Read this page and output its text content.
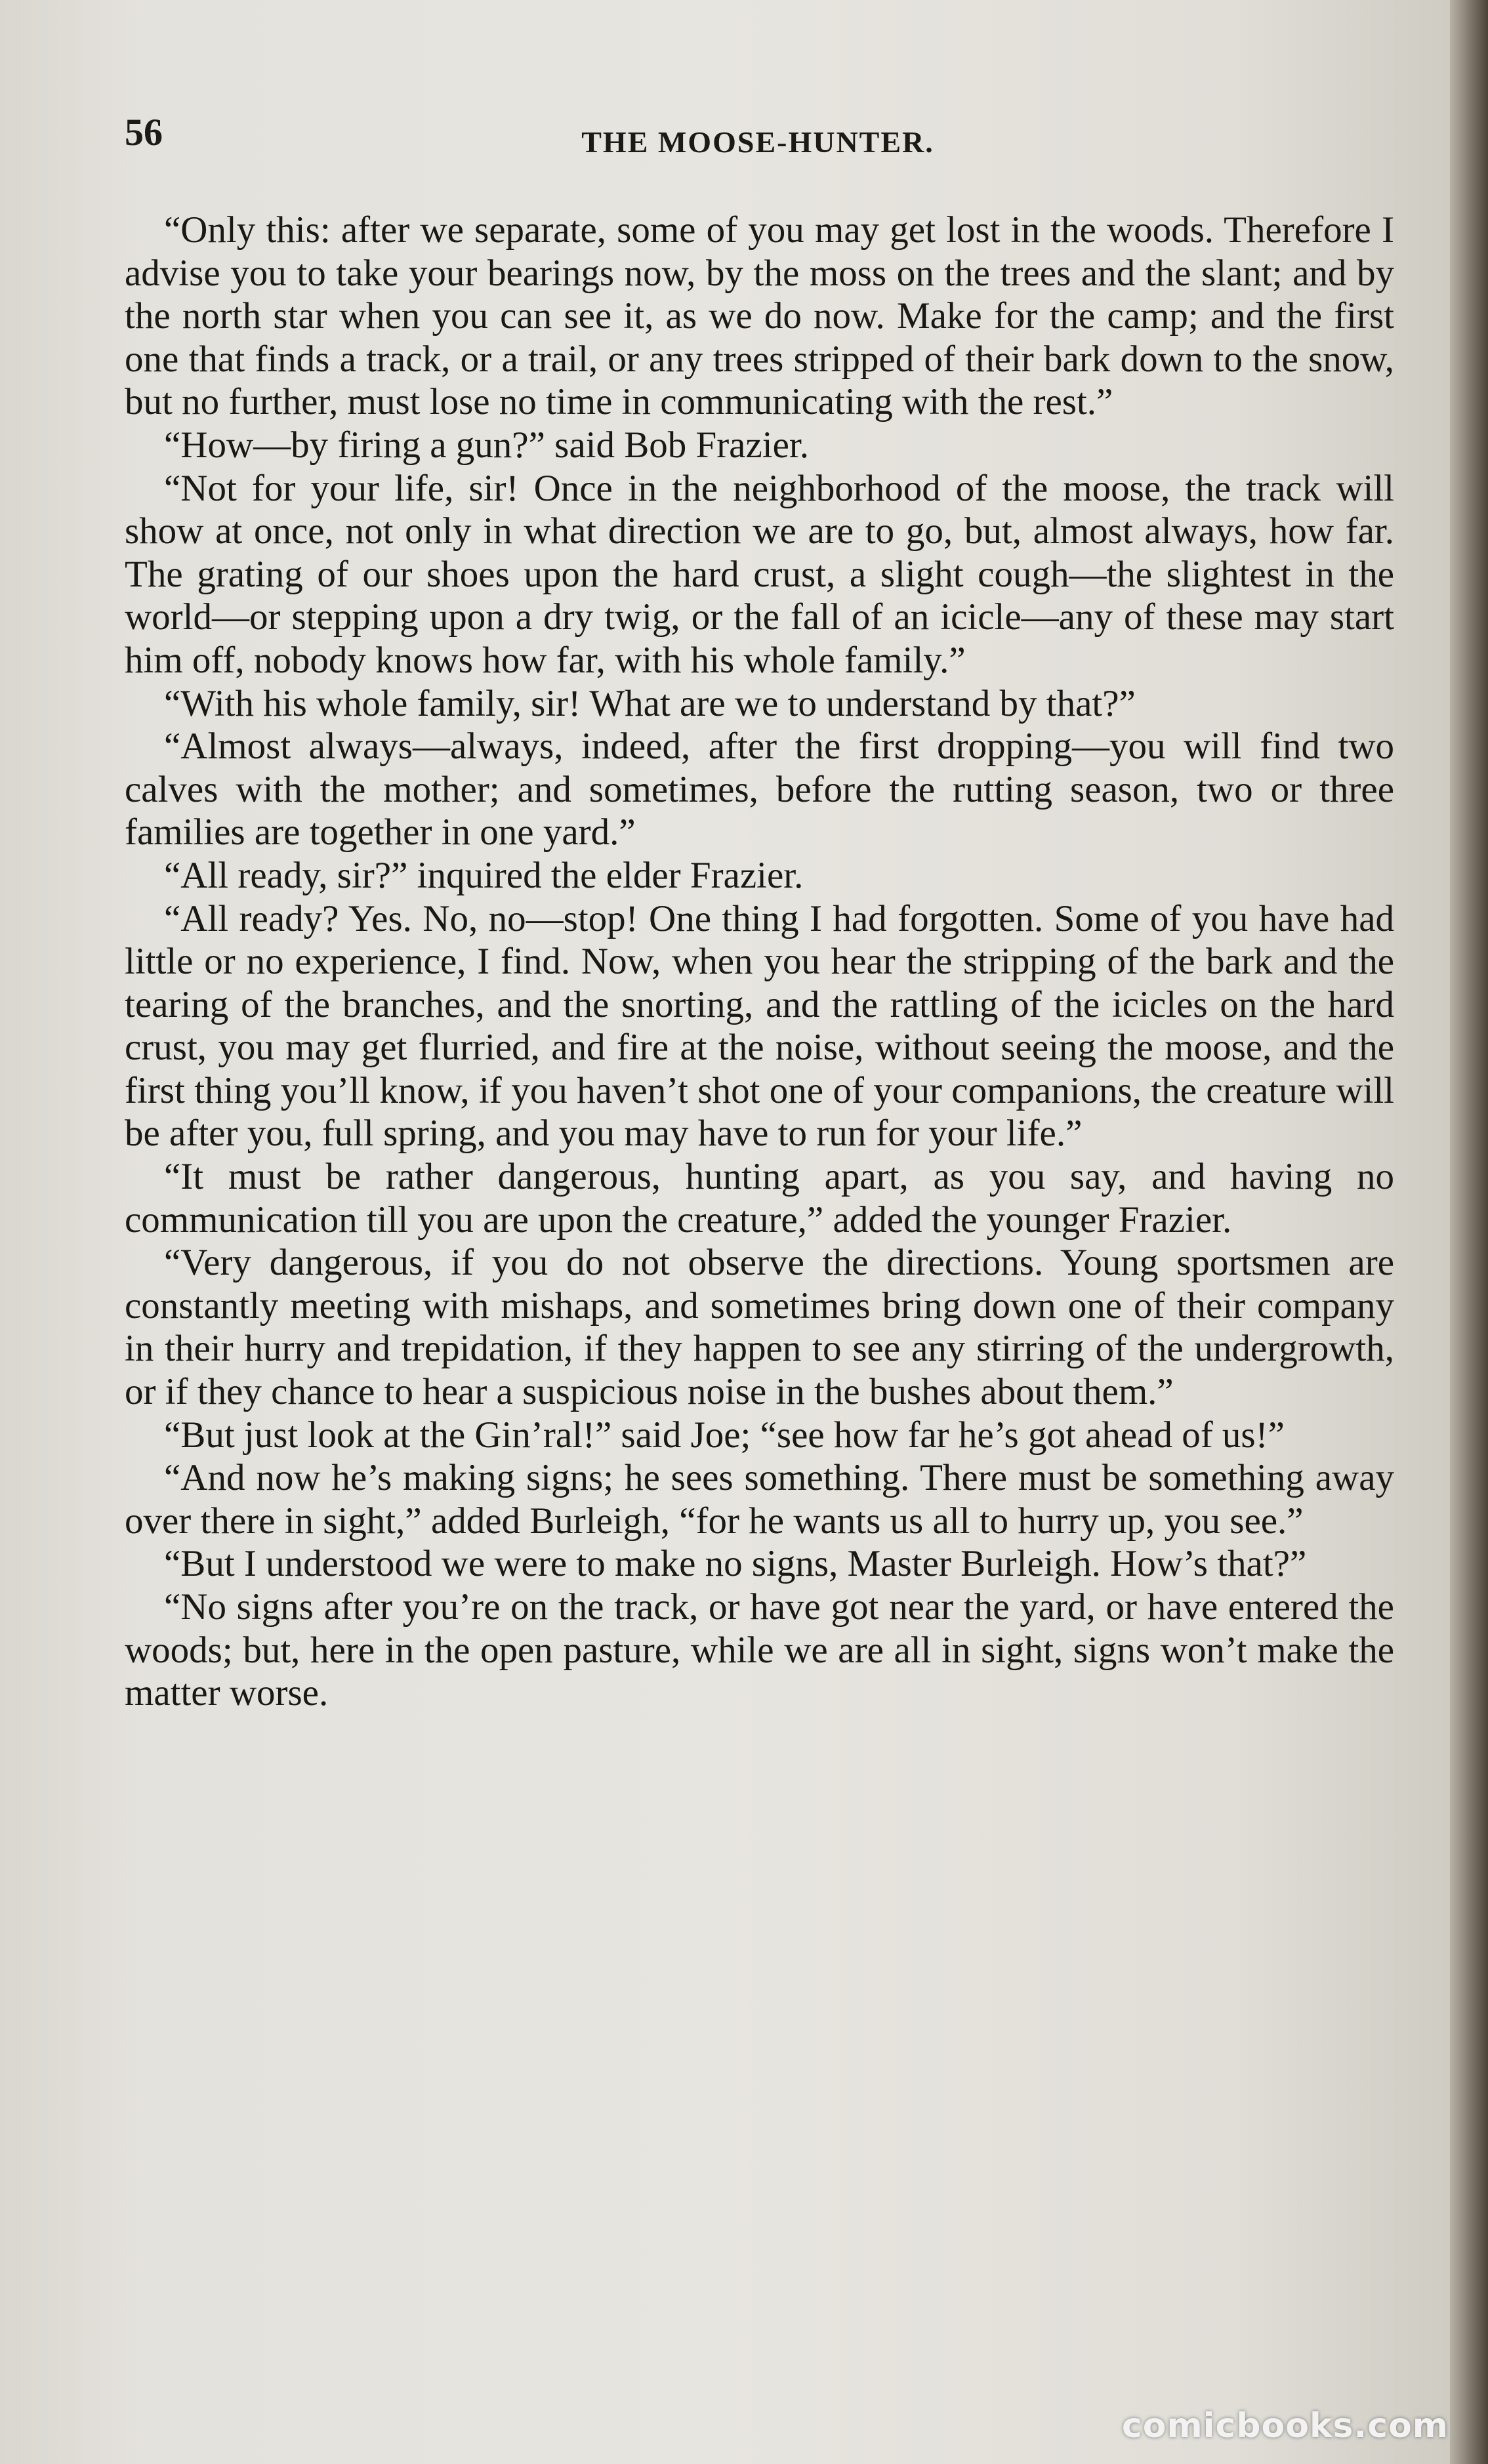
56	THE MOOSE-HUNTER.

“Only this: after we separate, some of you may get lost in the woods. Therefore I advise you to take your bearings now, by the moss on the trees and the slant; and by the north star when you can see it, as we do now. Make for the camp; and the first one that finds a track, or a trail, or any trees stripped of their bark down to the snow, but no further, must lose no time in communicating with the rest.”

“How—by firing a gun?” said Bob Frazier.

“Not for your life, sir! Once in the neighborhood of the moose, the track will show at once, not only in what direction we are to go, but, almost always, how far. The grating of our shoes upon the hard crust, a slight cough—the slightest in the world—or stepping upon a dry twig, or the fall of an icicle—any of these may start him off, nobody knows how far, with his whole family.”

“With his whole family, sir! What are we to understand by that?”

“Almost always—always, indeed, after the first dropping—you will find two calves with the mother; and sometimes, before the rutting season, two or three families are together in one yard.”

“All ready, sir?” inquired the elder Frazier.

“All ready? Yes. No, no—stop! One thing I had forgotten. Some of you have had little or no experience, I find. Now, when you hear the stripping of the bark and the tearing of the branches, and the snorting, and the rattling of the icicles on the hard crust, you may get flurried, and fire at the noise, without seeing the moose, and the first thing you’ll know, if you haven’t shot one of your companions, the creature will be after you, full spring, and you may have to run for your life.”

“It must be rather dangerous, hunting apart, as you say, and having no communication till you are upon the creature,” added the younger Frazier.

“Very dangerous, if you do not observe the directions. Young sportsmen are constantly meeting with mishaps, and sometimes bring down one of their company in their hurry and trepidation, if they happen to see any stirring of the undergrowth, or if they chance to hear a suspicious noise in the bushes about them.”

“But just look at the Gin’ral!” said Joe; “see how far he’s got ahead of us!”

“And now he’s making signs; he sees something. There must be something away over there in sight,” added Burleigh, “for he wants us all to hurry up, you see.”

“But I understood we were to make no signs, Master Burleigh. How’s that?”

“No signs after you’re on the track, or have got near the yard, or have entered the woods; but, here in the open pasture, while we are all in sight, signs won’t make the matter worse.

comicbooks.com
